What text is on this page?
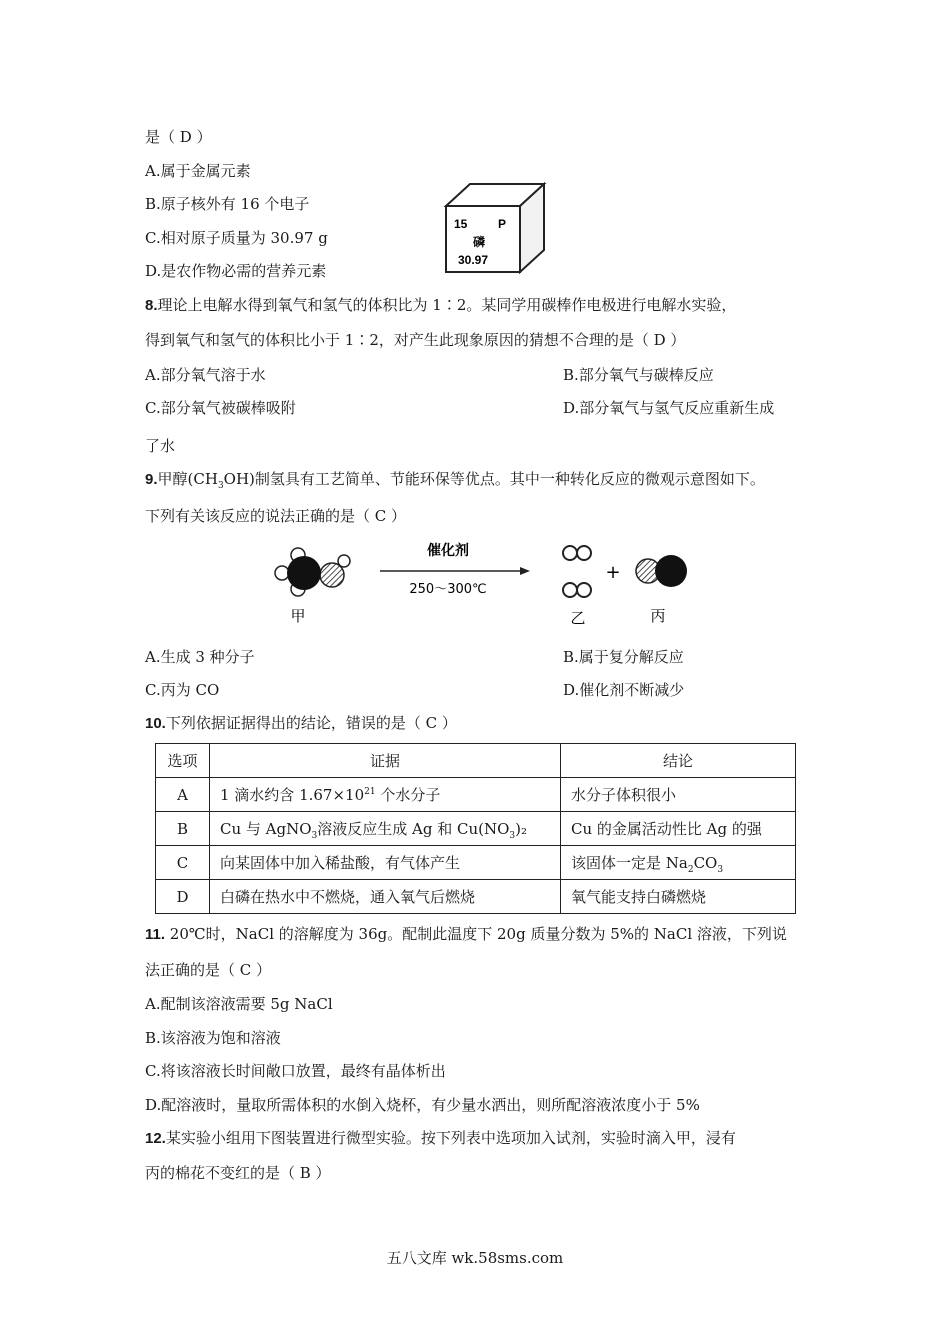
是（ D ）
A.属于金属元素
B.原子核外有 16 个电子
C.相对原子质量为 30.97 g
D.是农作物必需的营养元素
15	P
磷
30.97
8.理论上电解水得到氧气和氢气的体积比为 1∶2。某同学用碳棒作电极进行电解水实验，
得到氧气和氢气的体积比小于 1∶2，对产生此现象原因的猜想不合理的是（ D ）
A.部分氧气溶于水	B.部分氧气与碳棒反应
C.部分氧气被碳棒吸附	D.部分氧气与氢气反应重新生成
了水
9.甲醇$(CH_3OH)$制氢具有工艺简单、节能环保等优点。其中一种转化反应的微观示意图如下。
下列有关该反应的说法正确的是（ C ）
甲
催化剂
250～300℃
乙
+
丙
A.生成 3 种分子	B.属于复分解反应
C.丙为 CO	D.催化剂不断减少
10.下列依据证据得出的结论，错误的是（ C ）
选项	证据	结论
A	1 滴水约含 $1.67\times 10^{21}$ 个水分子	水分子体积很小
B	Cu 与 AgNO$_3$溶液反应生成 Ag 和 $Cu(NO_3)_2$	Cu 的金属活动性比 Ag 的强
C	向某固体中加入稀盐酸，有气体产生	该固体一定是 $Na_2CO_3$
D	白磷在热水中不燃烧，通入氧气后燃烧	氧气能支持白磷燃烧
11. 20℃时，NaCl 的溶解度为 36g。配制此温度下 20g 质量分数为 5%的 NaCl 溶液，下列说
法正确的是（ C ）
A.配制该溶液需要 5g NaCl
B.该溶液为饱和溶液
C.将该溶液长时间敞口放置，最终有晶体析出
D.配溶液时，量取所需体积的水倒入烧杯，有少量水洒出，则所配溶液浓度小于 5%
12.某实验小组用下图装置进行微型实验。按下列表中选项加入试剂，实验时滴入甲，浸有
丙的棉花不变红的是（ B ）
五八文库 wk.58sms.com
